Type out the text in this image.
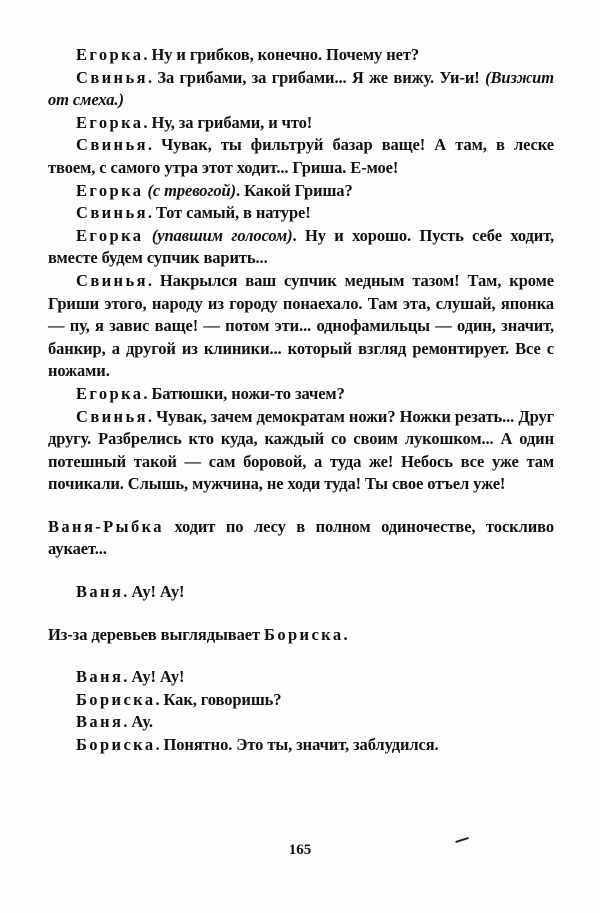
Егорка. Ну и грибков, конечно. Почему нет?

Свинья. За грибами, за грибами... Я же вижу. Уи-и! (Визжит от смеха.)

Егорка. Ну, за грибами, и что!

Свинья. Чувак, ты фильтруй базар ваще! А там, в леске твоем, с самого утра этот ходит... Гриша. Е-мое!

Егорка (с тревогой). Какой Гриша?

Свинья. Тот самый, в натуре!

Егорка (упавшим голосом). Ну и хорошо. Пусть себе ходит, вместе будем супчик варить...

Свинья. Накрылся ваш супчик медным тазом! Там, кроме Гриши этого, народу из городу понаехало. Там эта, слушай, японка — пу, я завис ваще! — потом эти... однофамильцы — один, значит, банкир, а другой из клиники... который взгляд ремонтирует. Все с ножами.

Егорка. Батюшки, ножи-то зачем?

Свинья. Чувак, зачем демократам ножи? Ножки резать... Друг другу. Разбрелись кто куда, каждый со своим лукошком... А один потешный такой — сам боровой, а туда же! Небось все уже там почикали. Слышь, мужчина, не ходи туда! Ты свое отъел уже!

Ваня-Рыбка ходит по лесу в полном одиночестве, тоскливо аукает...

Ваня. Ау! Ау!

Из-за деревьев выглядывает Бориска.

Ваня. Ау! Ау!

Бориска. Как, говоришь?

Ваня. Ау.

Бориска. Понятно. Это ты, значит, заблудился.

165
